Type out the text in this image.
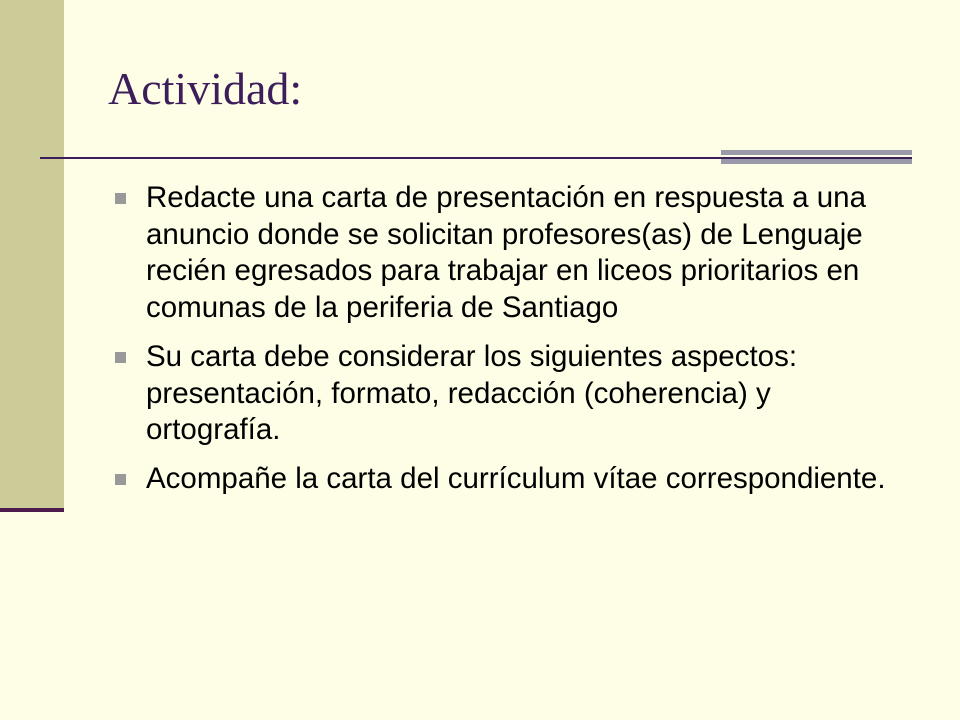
Actividad:
Redacte una carta de presentación en respuesta a una anuncio donde se solicitan profesores(as) de Lenguaje recién egresados para trabajar en liceos prioritarios en comunas de la periferia de Santiago
Su carta debe considerar los siguientes aspectos: presentación, formato, redacción (coherencia) y ortografía.
Acompañe la carta del currículum vítae correspondiente.
